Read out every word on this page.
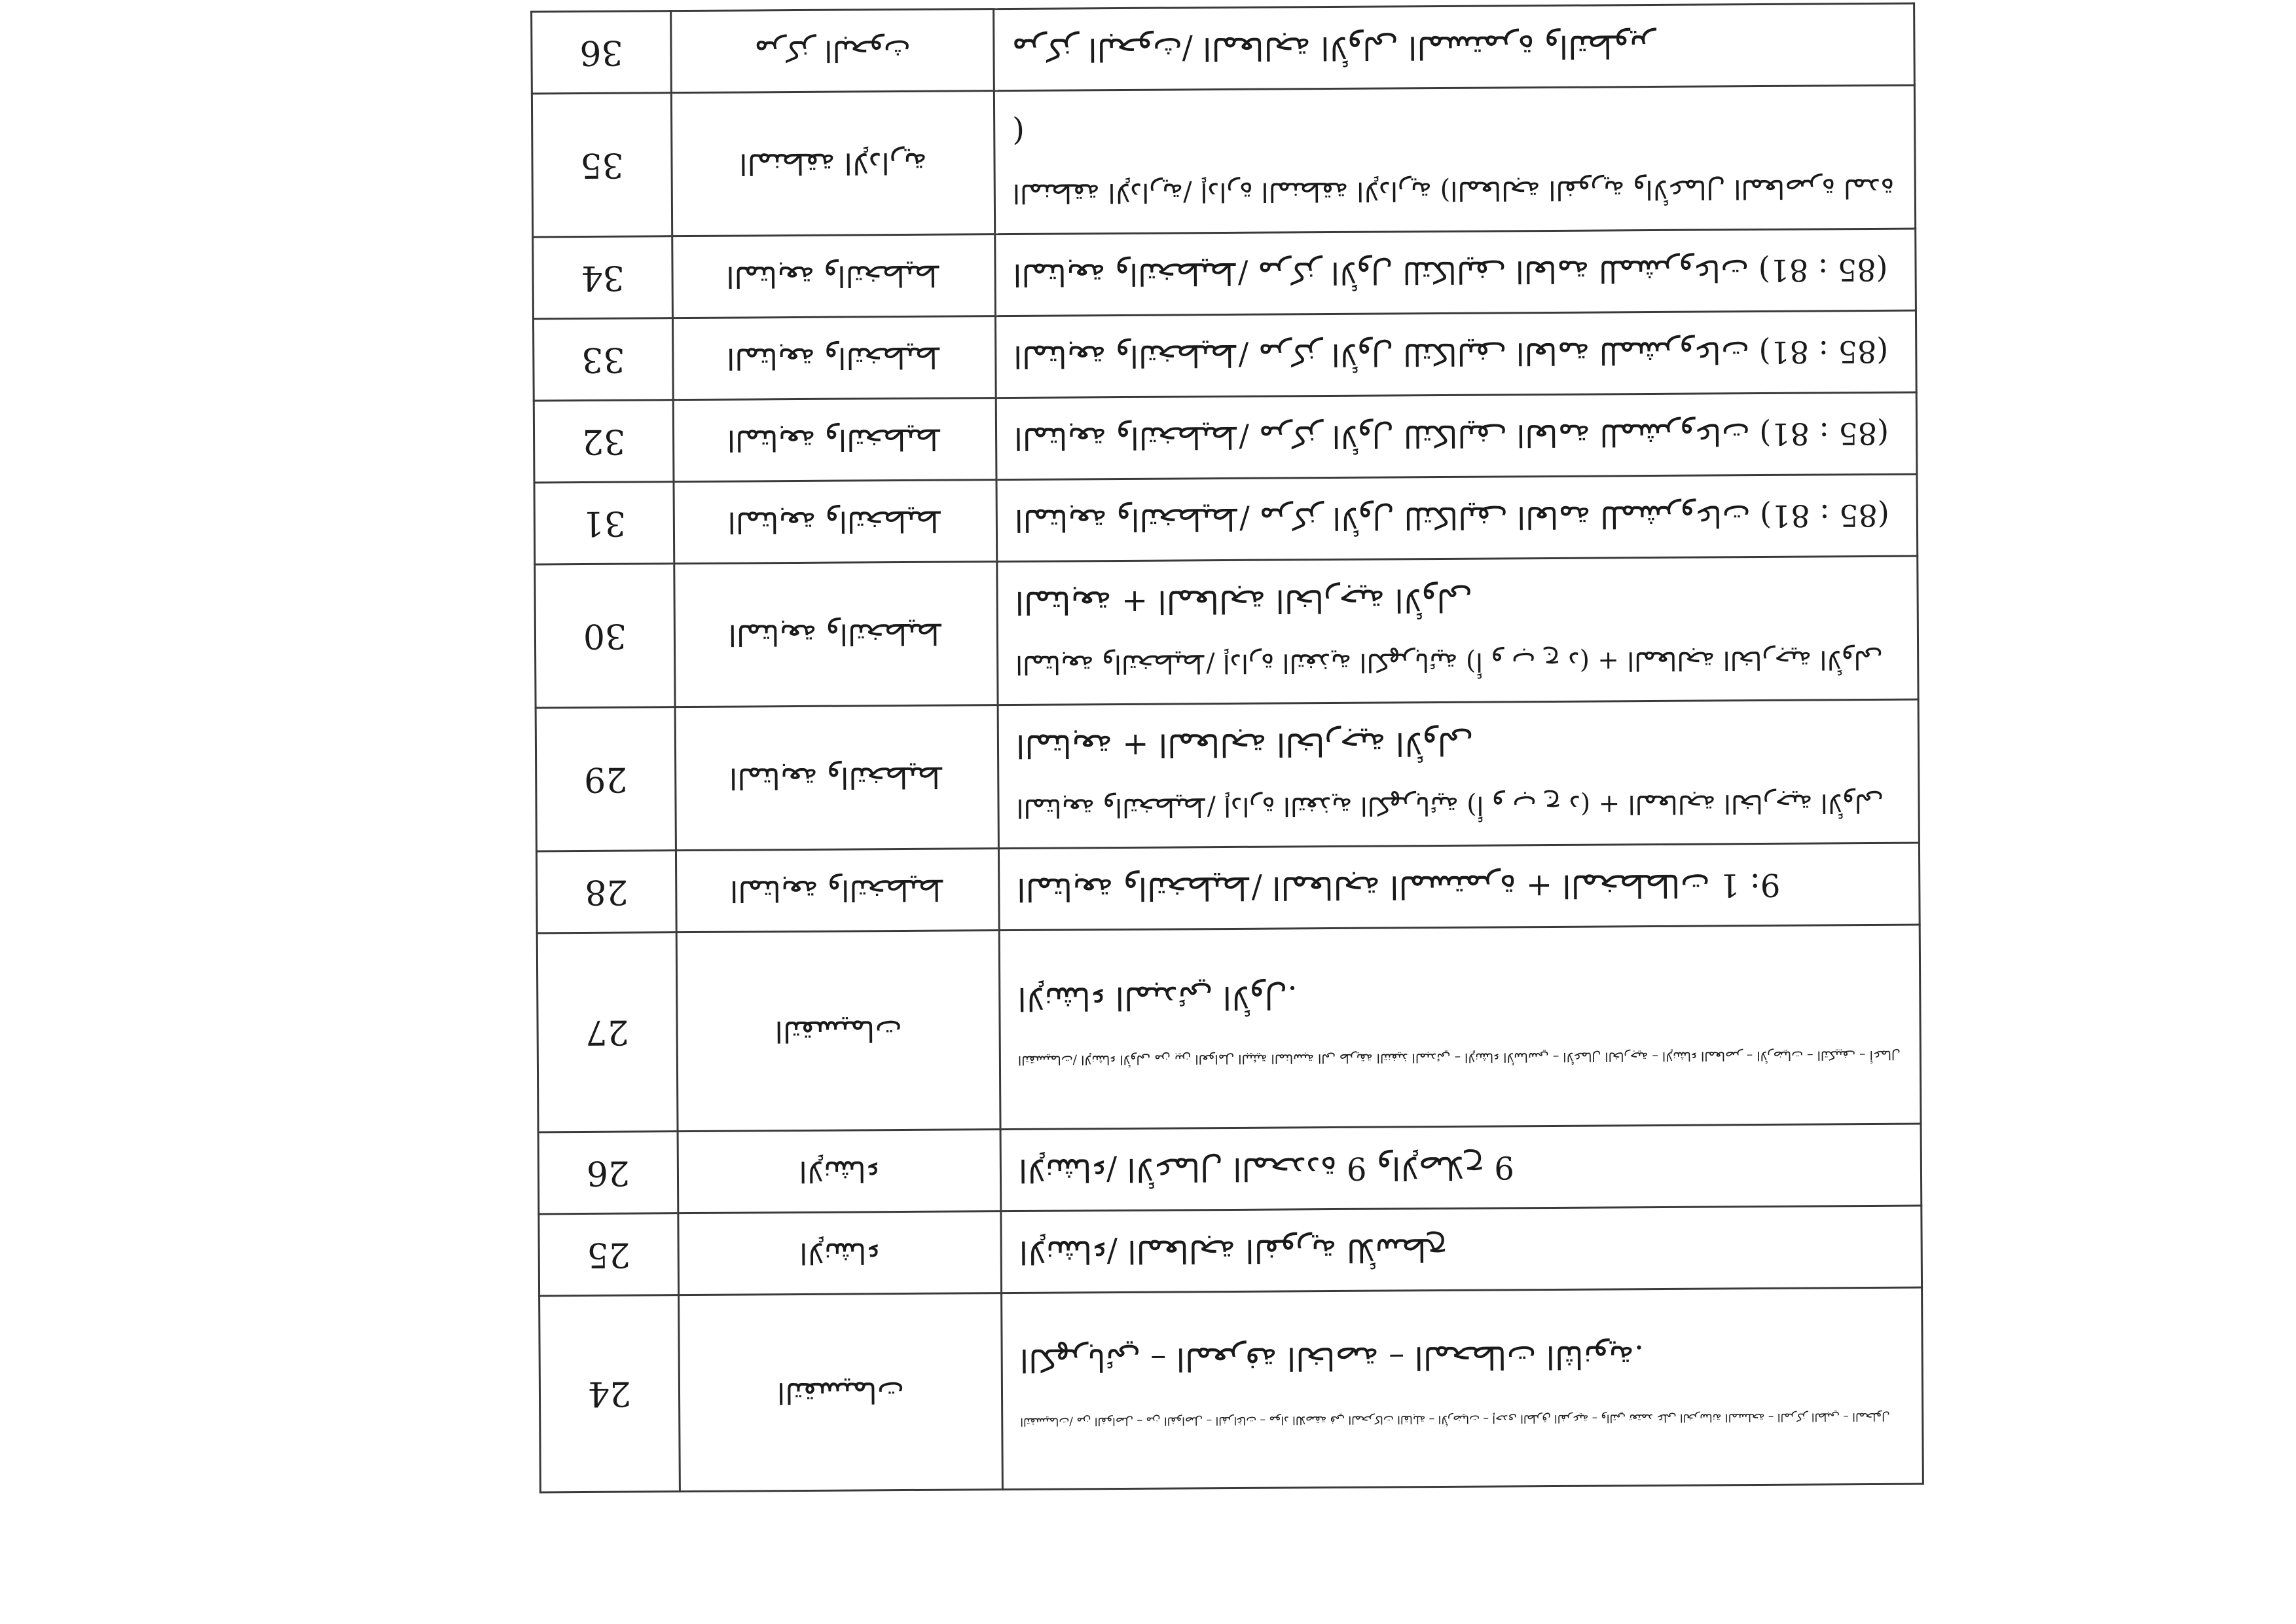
التقسيمات/ من الفواصل – من الفواصل – الفراغات – مواد اللاصقة في المحركات القابلة – الأرضيات – إحدى الطرق الفرعية – والتي تعتمد على الخرسانة المسلحة – المركز الطبي – المحلول
الكهربائي – المعرفة الخاصة – المحطات الثانوية.	التقسيمات	24

الإنشاء/ المعالجة الفورية للأسطح	الإنشاء	25

الإنشاء/ الأعمال المحددة 9 والإصلاح 9	الإنشاء	26

التقسيمات/ الإنشاء الأولى من بين العوامل البيئية المناسبة الى طريقة التنفيذ المبدئي – الإنشاء الأساسي – الأعمال الخارجية – الإنشاء المعاصر – الأرضيات – التكييف – أعمال
الإنشاء المبدئي الأول.	التقسيمات	27

المتابعة والتخطيط/ المعالجة المستمرة + المخططات 1 :9	المتابعة والتخطيط	28

المتابعة والتخطيط/ إدارة التغذية الكهربائية (أ و ب ج د) + المعالجة الخارجية الأولى
المتابعة + المعالجة الخارجية الأولى	المتابعة والتخطيط	29

المتابعة والتخطيط/ إدارة التغذية الكهربائية (أ و ب ج د) + المعالجة الخارجية الأولى
المتابعة + المعالجة الخارجية الأولى	المتابعة والتخطيط	30

المتابعة والتخطيط/ مركز الأول للتكاليف العامة للمشروعات (81 : 85)	المتابعة والتخطيط	31

المتابعة والتخطيط/ مركز الأول للتكاليف العامة للمشروعات (81 : 85)	المتابعة والتخطيط	32

المتابعة والتخطيط/ مركز الأول للتكاليف العامة للمشروعات (81 : 85)	المتابعة والتخطيط	33

المتابعة والتخطيط/ مركز الأول للتكاليف العامة للمشروعات (81 : 85)	المتابعة والتخطيط	34

المنطقة الإدارية/ إدارة المنطقة الإدارية (المعالجة الفورية والأعمال المعاصرة لمدة
)	المنطقة الإدارية	35

مركز البحوث/ المعالجة الأولى المستمرة والتطوير	مركز البحوث	36
